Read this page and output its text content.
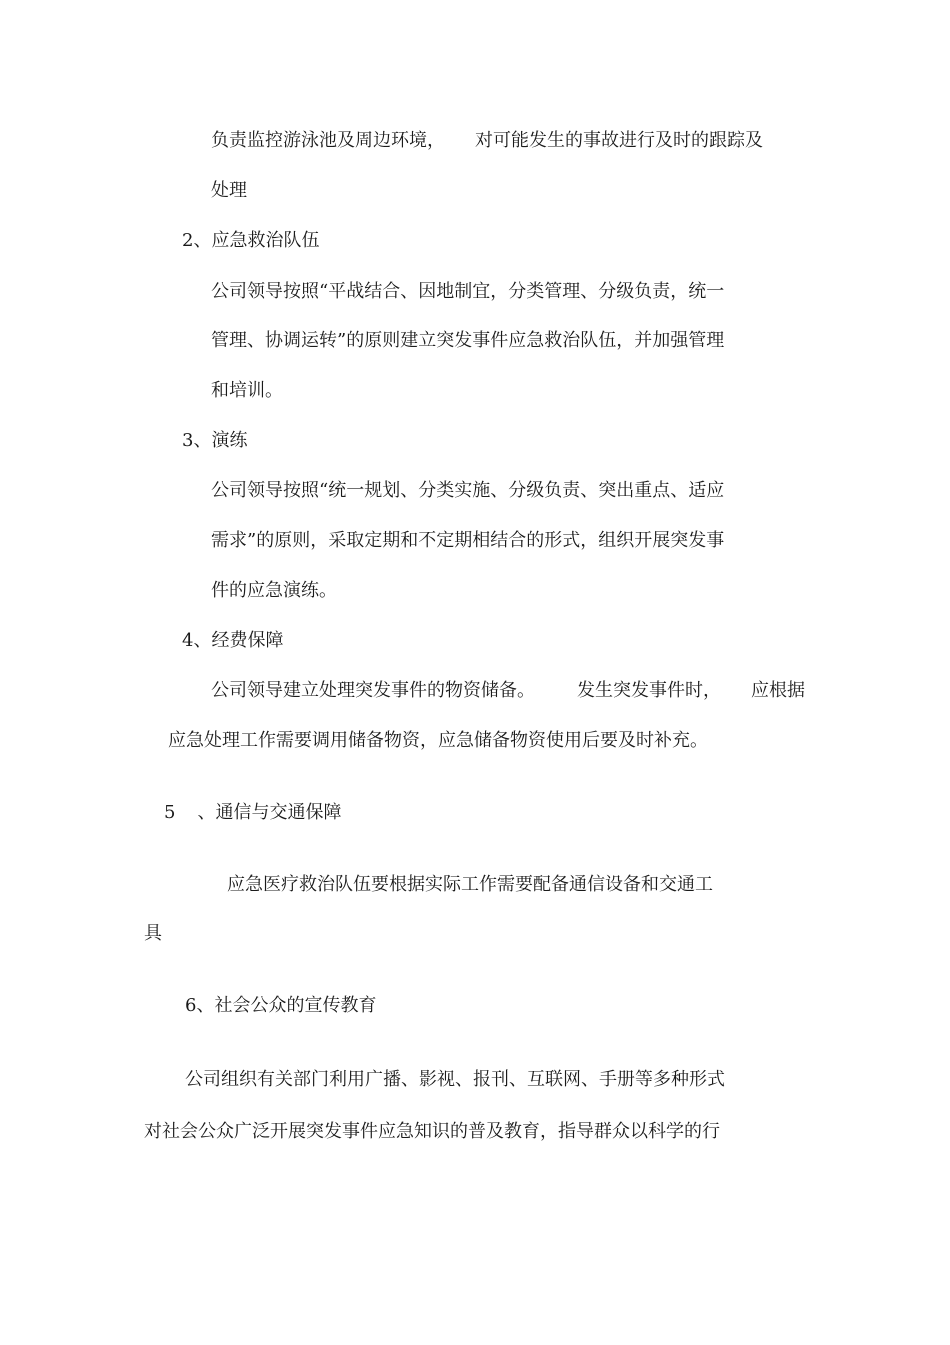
负责监控游泳池及周边环境， 对可能发生的事故进行及时的跟踪及

处理

2、应急救治队伍

公司领导按照“平战结合、因地制宜，分类管理、分级负责，统一

管理、协调运转”的原则建立突发事件应急救治队伍，并加强管理

和培训。

3、演练

公司领导按照“统一规划、分类实施、分级负责、突出重点、适应

需求”的原则，采取定期和不定期相结合的形式，组织开展突发事

件的应急演练。

4、经费保障

公司领导建立处理突发事件的物资储备。 发生突发事件时， 应根据

应急处理工作需要调用储备物资，应急储备物资使用后要及时补充。

5 、通信与交通保障

应急医疗救治队伍要根据实际工作需要配备通信设备和交通工

具

6、社会公众的宣传教育

公司组织有关部门利用广播、影视、报刊、互联网、手册等多种形式

对社会公众广泛开展突发事件应急知识的普及教育，指导群众以科学的行
